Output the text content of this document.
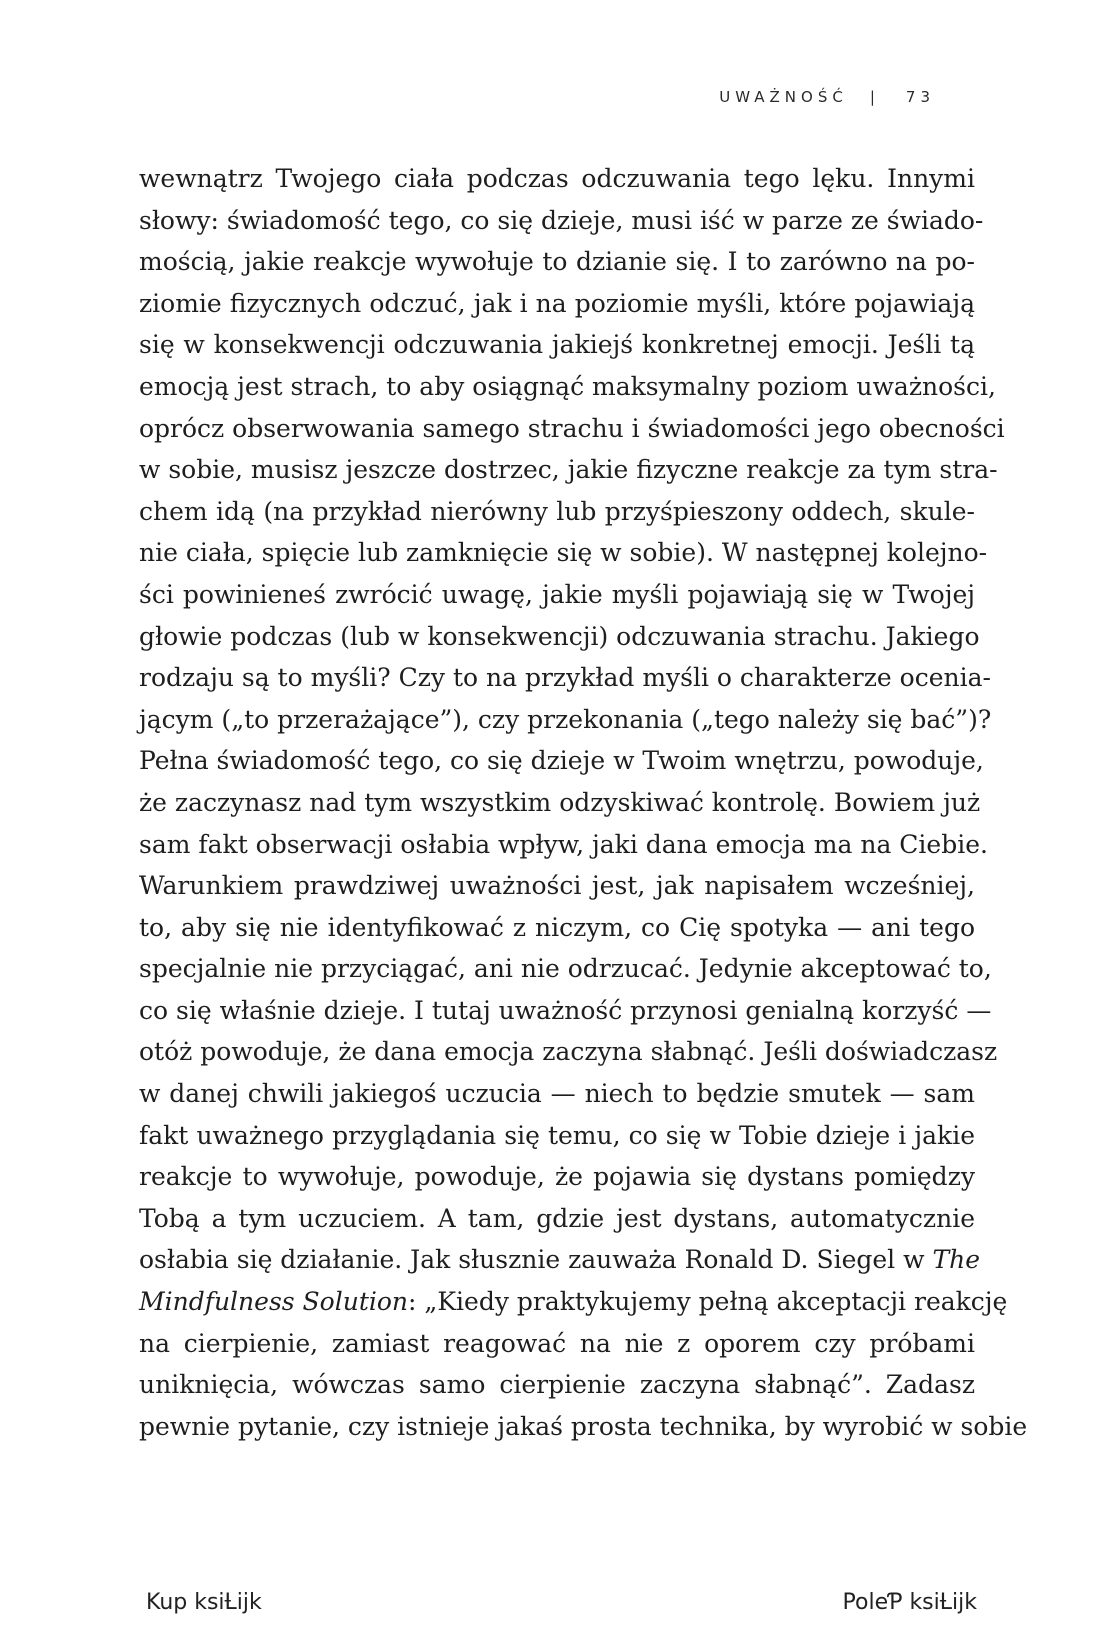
UWAŻNOŚĆ | 73
wewnątrz Twojego ciała podczas odczuwania tego lęku. Innymi
słowy: świadomość tego, co się dzieje, musi iść w parze ze świado-
mością, jakie reakcje wywołuje to dzianie się. I to zarówno na po-
ziomie fizycznych odczuć, jak i na poziomie myśli, które pojawiają
się w konsekwencji odczuwania jakiejś konkretnej emocji. Jeśli tą
emocją jest strach, to aby osiągnąć maksymalny poziom uważności,
oprócz obserwowania samego strachu i świadomości jego obecności
w sobie, musisz jeszcze dostrzec, jakie fizyczne reakcje za tym stra-
chem idą (na przykład nierówny lub przyśpieszony oddech, skule-
nie ciała, spięcie lub zamknięcie się w sobie). W następnej kolejno-
ści powinieneś zwrócić uwagę, jakie myśli pojawiają się w Twojej
głowie podczas (lub w konsekwencji) odczuwania strachu. Jakiego
rodzaju są to myśli? Czy to na przykład myśli o charakterze ocenia-
jącym („to przerażające”), czy przekonania („tego należy się bać”)?
Pełna świadomość tego, co się dzieje w Twoim wnętrzu, powoduje,
że zaczynasz nad tym wszystkim odzyskiwać kontrolę. Bowiem już
sam fakt obserwacji osłabia wpływ, jaki dana emocja ma na Ciebie.
Warunkiem prawdziwej uważności jest, jak napisałem wcześniej,
to, aby się nie identyfikować z niczym, co Cię spotyka — ani tego
specjalnie nie przyciągać, ani nie odrzucać. Jedynie akceptować to,
co się właśnie dzieje. I tutaj uważność przynosi genialną korzyść —
otóż powoduje, że dana emocja zaczyna słabnąć. Jeśli doświadczasz
w danej chwili jakiegoś uczucia — niech to będzie smutek — sam
fakt uważnego przyglądania się temu, co się w Tobie dzieje i jakie
reakcje to wywołuje, powoduje, że pojawia się dystans pomiędzy
Tobą a tym uczuciem. A tam, gdzie jest dystans, automatycznie
osłabia się działanie. Jak słusznie zauważa Ronald D. Siegel w The
Mindfulness Solution: „Kiedy praktykujemy pełną akceptacji reakcję
na cierpienie, zamiast reagować na nie z oporem czy próbami
uniknięcia, wówczas samo cierpienie zaczyna słabnąć”. Zadasz
pewnie pytanie, czy istnieje jakaś prosta technika, by wyrobić w sobie
Kup ksiȽĳk	PoleƤ ksiȽĳk
